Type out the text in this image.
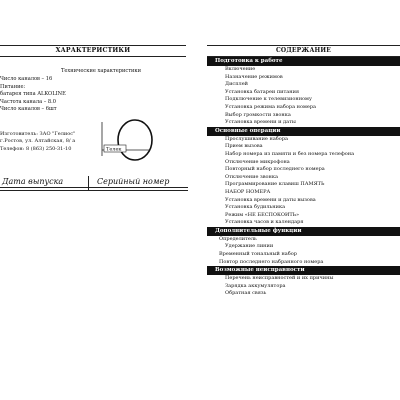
ХАРАКТЕРИСТИКИ
Технические характеристики
Число каналов – 16
Питание:
батарея типа ALKOLINE
Частота канала – 8.0
Число каналов – 6шт
Изготовитель: ЗАО "Гелиос"
г.Ростов, ул. Алтайская, 8/ а
Телефон: 8 (863) 250-31-10	Телек
Дата выпуска	Серийный номер
СОДЕРЖАНИЕ
Подготовка к работе
Включение
Назначение режимов
Дисплей
Установка батареи питания
Подключение к телевизионному
Установка режима набора номера
Выбор громкости звонка
Установка времени и даты
Основные операции
Прослушивание набора
Прием вызова
Набор номера из памяти и без номера телефона
Отключение микрофона
Повторный набор последнего номера
Отключение звонка
Программирование клавиш ПАМЯТЬ
НАБОР НОМЕРА
Установка времени и даты вызова
Установка будильника
Режим «НЕ БЕСПОКОИТЬ»
Установка часов и календаря
Дополнительные функции
Определитель
Удержание линии
Временный тональный набор
Повтор последнего набранного номера
Возможные неисправности
Перечень неисправностей и их причины
Зарядка аккумулятора
Обратная связь
